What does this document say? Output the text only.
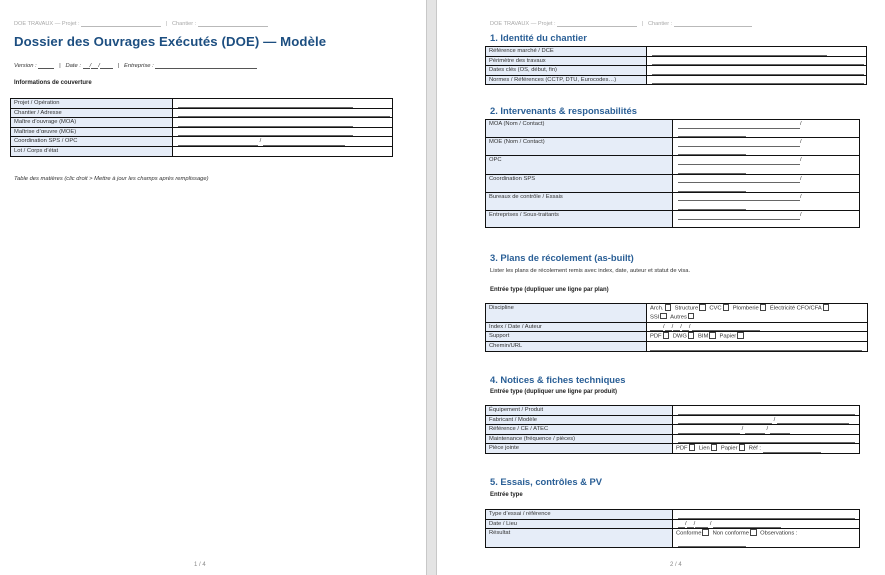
DOE TRAVAUX — Projet :	| Chantier :
Dossier des Ouvrages Exécutés (DOE) — Modèle
Version :	| Date : / /	| Entreprise :
Informations de couverture
Projet / Opération	
Chantier / Adresse	
Maître d’ouvrage (MOA)	
Maîtrise d’œuvre (MOE)	
Coordination SPS / OPC	/
Lot / Corps d’état	
Table des matières (clic droit > Mettre à jour les champs après remplissage)
1 / 4
DOE TRAVAUX — Projet :	| Chantier :
1. Identité du chantier
Référence marché / DCE	
Périmètre des travaux	
Dates clés (OS, début, fin)	
Normes / Références (CCTP, DTU, Eurocodes…)	
2. Intervenants & responsabilités
MOA (Nom / Contact)	/

MOE (Nom / Contact)	/

OPC	/

Coordination SPS	/

Bureaux de contrôle / Essais	/

Entreprises / Sous-traitants	/
3. Plans de récolement (as-built)
Lister les plans de récolement remis avec index, date, auteur et statut de visa.
Entrée type (dupliquer une ligne par plan)
Discipline	Arch. Structure CVC Plomberie Électricité CFO/CFA
SSI Autres
Index / Date / Auteur	/ / / /
Support	PDF DWG BIM Papier
Chemin/URL	
4. Notices & fiches techniques
Entrée type (dupliquer une ligne par produit)
Équipement / Produit	
Fabricant / Modèle	/
Référence / CE / ATEC	/ /
Maintenance (fréquence / pièces)	
Pièce jointe	PDF Lien Papier Réf :
5. Essais, contrôles & PV
Entrée type
Type d’essai / référence	
Date / Lieu	/ / /
Résultat	Conforme Non conforme Observations :

2 / 4
